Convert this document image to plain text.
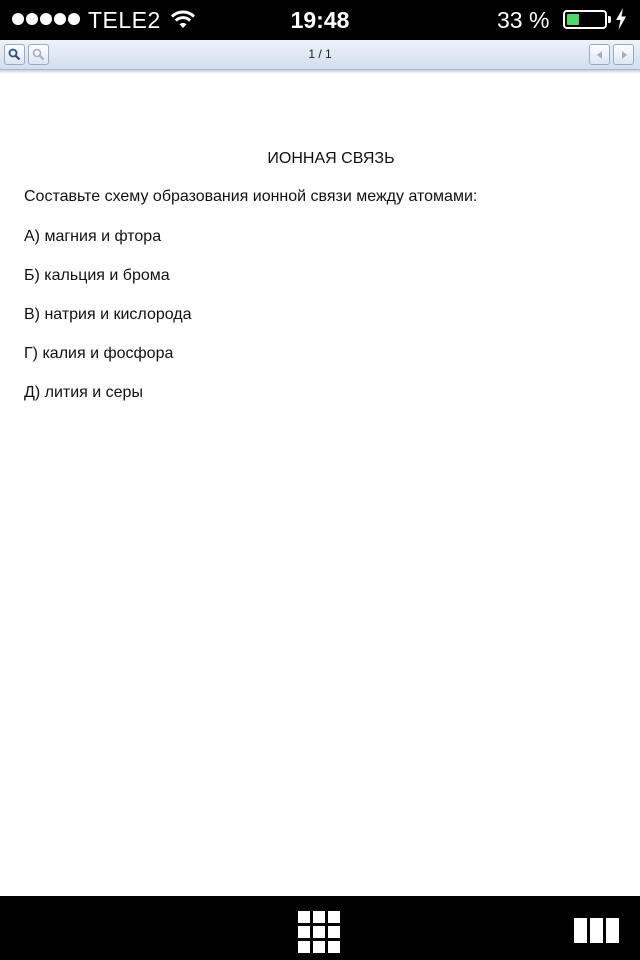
TELE2	19:48	33 %
1 / 1
ИОННАЯ СВЯЗЬ
Составьте схему образования ионной связи между атомами:
А) магния и фтора
Б) кальция и брома
В) натрия и кислорода
Г) калия и фосфора
Д) лития и серы
